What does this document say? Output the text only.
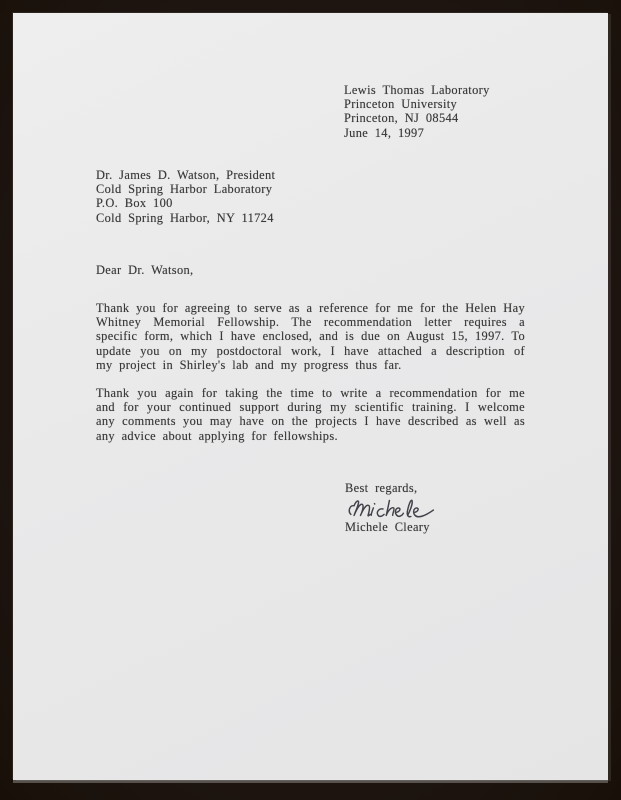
Lewis Thomas Laboratory
Princeton University
Princeton, NJ 08544
June 14, 1997
Dr. James D. Watson, President
Cold Spring Harbor Laboratory
P.O. Box 100
Cold Spring Harbor, NY 11724
Dear Dr. Watson,
Thank you for agreeing to serve as a reference for me for the Helen Hay
Whitney Memorial Fellowship. The recommendation letter requires a
specific form, which I have enclosed, and is due on August 15, 1997. To
update you on my postdoctoral work, I have attached a description of
my project in Shirley's lab and my progress thus far.
Thank you again for taking the time to write a recommendation for me
and for your continued support during my scientific training. I welcome
any comments you may have on the projects I have described as well as
any advice about applying for fellowships.
Best regards,
Michele Cleary
